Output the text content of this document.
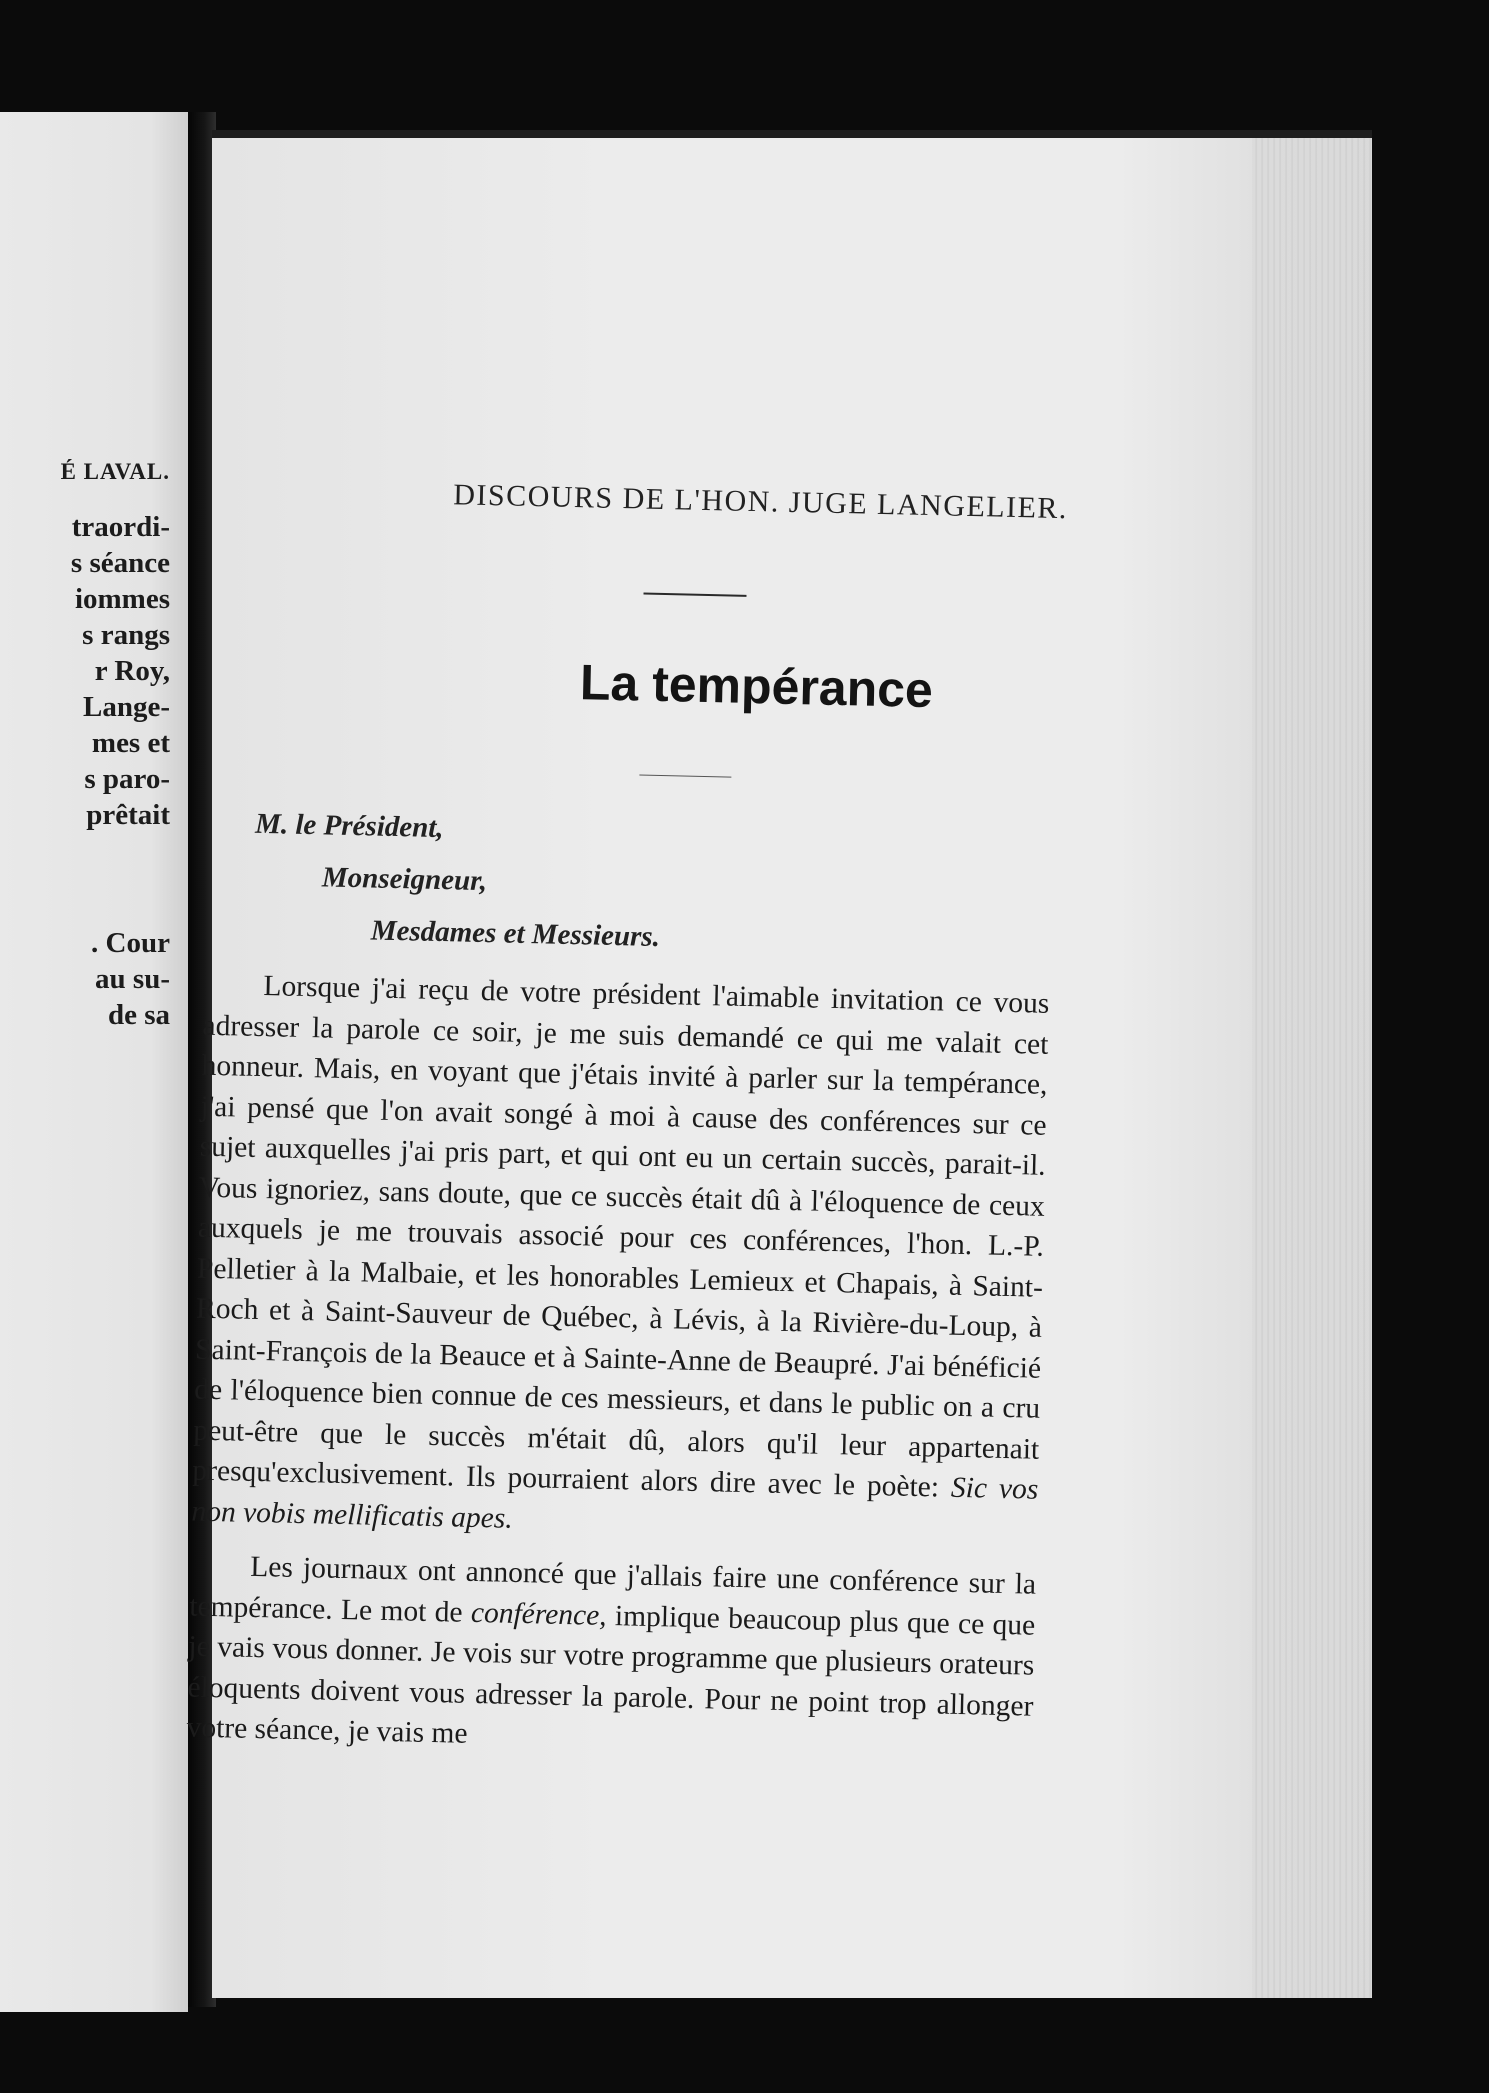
É LAVAL.
traordi-
s séance
iommes
s rangs
r Roy,
Lange-
mes et
s paro-
prêtait
. Cour
au su-
de sa
DISCOURS DE L'HON. JUGE LANGELIER.
La tempérance
M. le Président,
Monseigneur,
Mesdames et Messieurs.

Lorsque j'ai reçu de votre président l'aimable invitation ce vous adresser la parole ce soir, je me suis demandé ce qui me valait cet honneur. Mais, en voyant que j'étais invité à parler sur la tempérance, j'ai pensé que l'on avait songé à moi à cause des conférences sur ce sujet auxquelles j'ai pris part, et qui ont eu un certain succès, parait-il. Vous ignoriez, sans doute, que ce succès était dû à l'éloquence de ceux auxquels je me trouvais associé pour ces conférences, l'hon. L.-P. Pelletier à la Malbaie, et les honorables Lemieux et Chapais, à Saint-Roch et à Saint-Sauveur de Québec, à Lévis, à la Rivière-du-Loup, à Saint-François de la Beauce et à Sainte-Anne de Beaupré. J'ai bénéficié de l'éloquence bien connue de ces messieurs, et dans le public on a cru peut-être que le succès m'était dû, alors qu'il leur appartenait presqu'exclusivement. Ils pourraient alors dire avec le poète: Sic vos non vobis mellificatis apes.

Les journaux ont annoncé que j'allais faire une conférence sur la tempérance. Le mot de conférence, implique beaucoup plus que ce que je vais vous donner. Je vois sur votre programme que plusieurs orateurs éloquents doivent vous adresser la parole. Pour ne point trop allonger votre séance, je vais me
